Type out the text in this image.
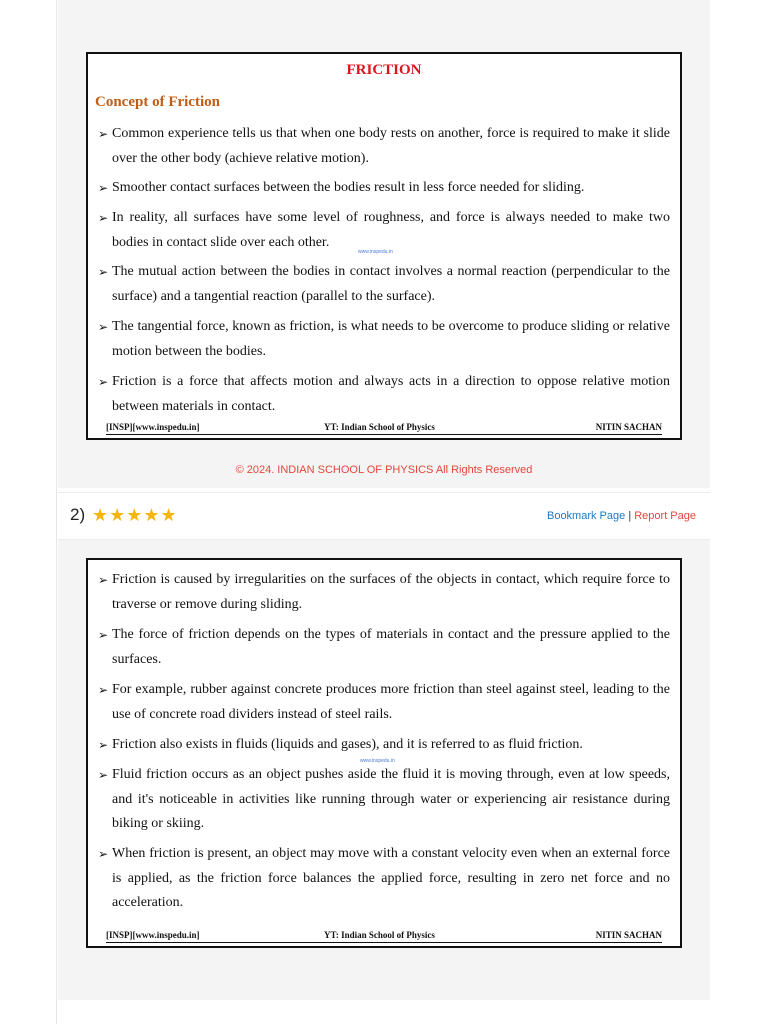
FRICTION
Concept of Friction
➢ Common experience tells us that when one body rests on another, force is required to make it slide over the other body (achieve relative motion).
➢ Smoother contact surfaces between the bodies result in less force needed for sliding.
➢ In reality, all surfaces have some level of roughness, and force is always needed to make two bodies in contact slide over each other.
www.inspedu.in
➢ The mutual action between the bodies in contact involves a normal reaction (perpendicular to the surface) and a tangential reaction (parallel to the surface).
➢ The tangential force, known as friction, is what needs to be overcome to produce sliding or relative motion between the bodies.
➢ Friction is a force that affects motion and always acts in a direction to oppose relative motion between materials in contact.
[INSP][www.inspedu.in]	YT: Indian School of Physics	NITIN SACHAN
© 2024. INDIAN SCHOOL OF PHYSICS All Rights Reserved
2) ★★★★★	Bookmark Page | Report Page
➢ Friction is caused by irregularities on the surfaces of the objects in contact, which require force to traverse or remove during sliding.
➢ The force of friction depends on the types of materials in contact and the pressure applied to the surfaces.
➢ For example, rubber against concrete produces more friction than steel against steel, leading to the use of concrete road dividers instead of steel rails.
➢ Friction also exists in fluids (liquids and gases), and it is referred to as fluid friction.
www.inspedu.in
➢ Fluid friction occurs as an object pushes aside the fluid it is moving through, even at low speeds, and it's noticeable in activities like running through water or experiencing air resistance during biking or skiing.
➢ When friction is present, an object may move with a constant velocity even when an external force is applied, as the friction force balances the applied force, resulting in zero net force and no acceleration.
[INSP][www.inspedu.in]	YT: Indian School of Physics	NITIN SACHAN
